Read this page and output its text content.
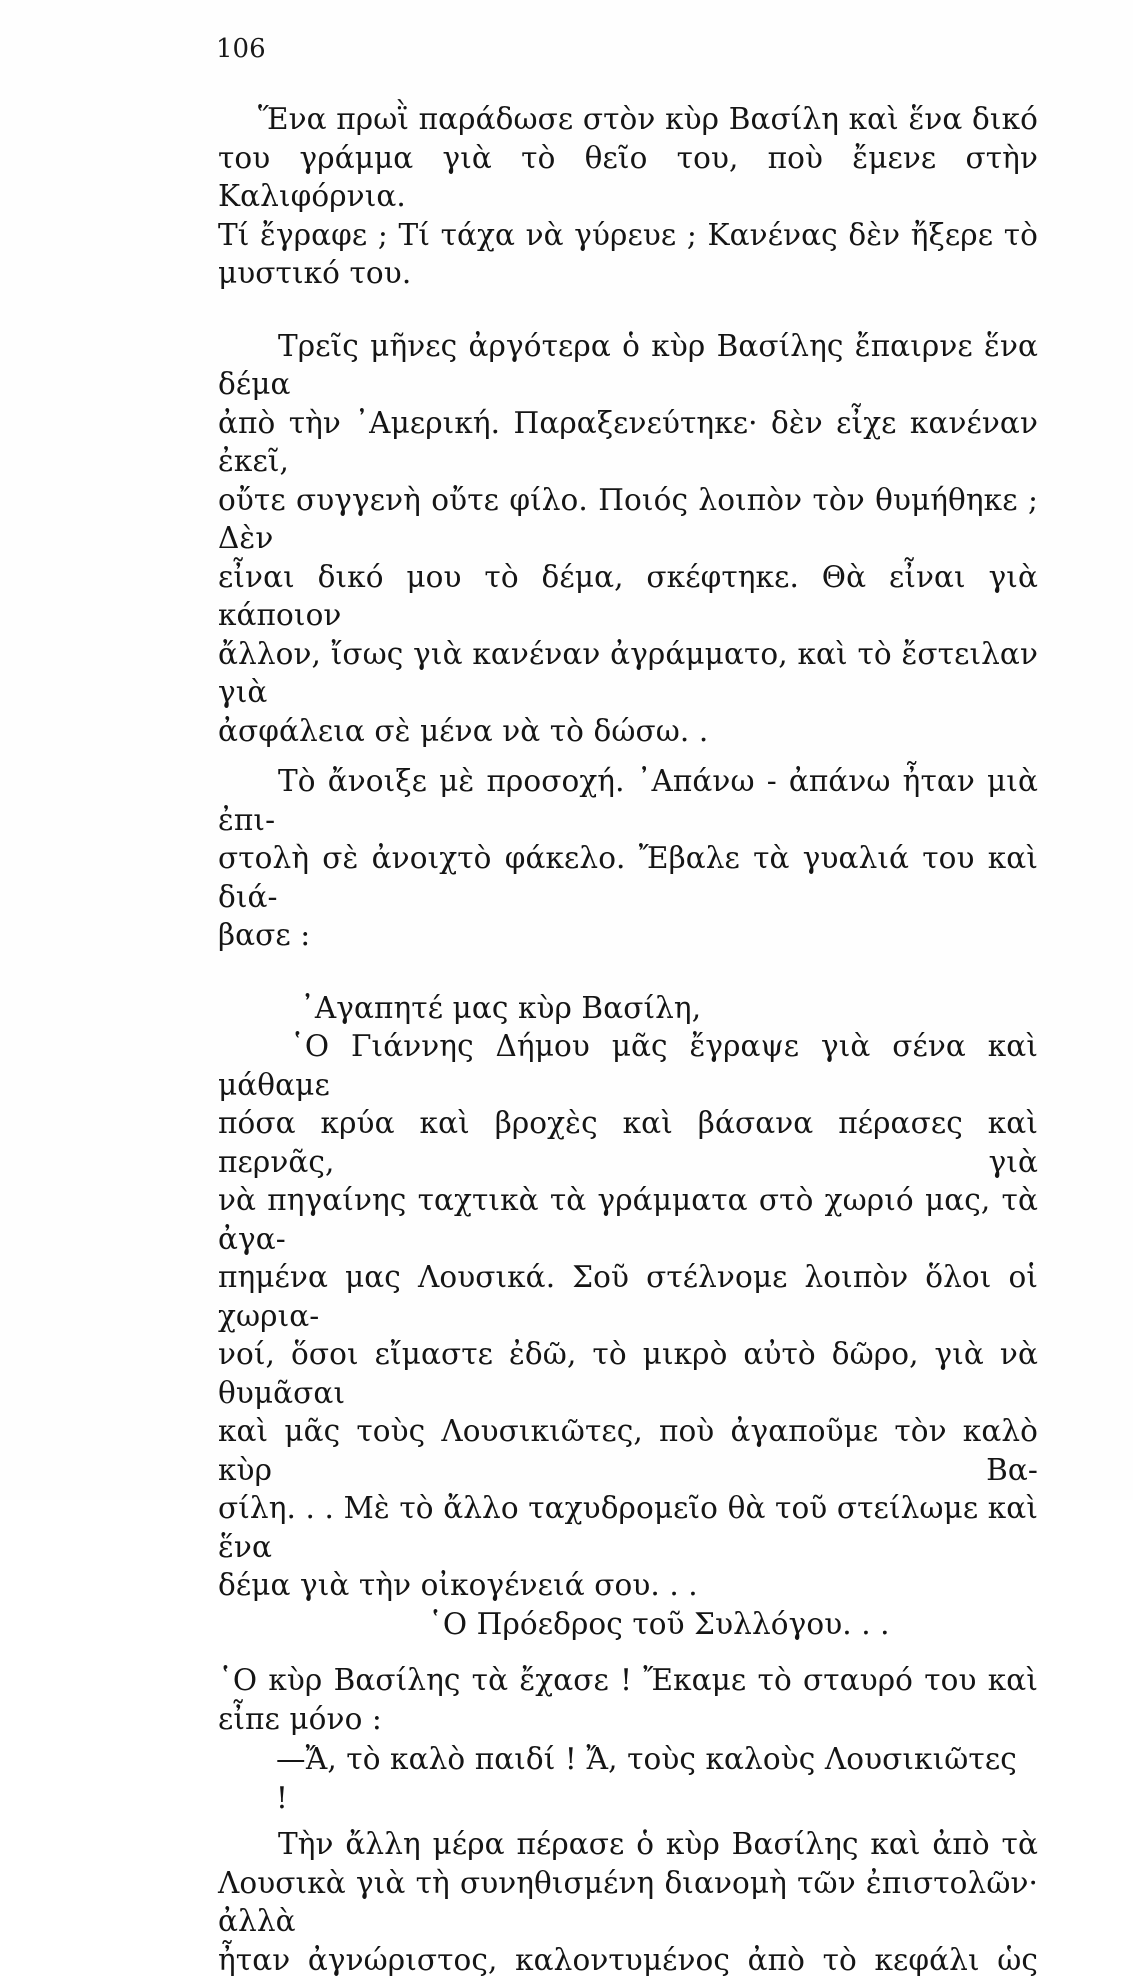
106

Ἕνα πρωῒ παράδωσε στὸν κὺρ Βασίλη καὶ ἕνα δικό
του γράμμα γιὰ τὸ θεῖο του, ποὺ ἔμενε στὴν Καλιφόρνια.
Τί ἔγραφε ; Τί τάχα νὰ γύρευε ; Κανένας δὲν ἤξερε τὸ
μυστικό του.

Τρεῖς μῆνες ἀργότερα ὁ κὺρ Βασίλης ἔπαιρνε ἕνα δέμα
ἀπὸ τὴν ᾿Αμερική. Παραξενεύτηκε· δὲν εἶχε κανέναν ἐκεῖ,
οὔτε συγγενὴ οὔτε φίλο. Ποιός λοιπὸν τὸν θυμήθηκε ; Δὲν
εἶναι δικό μου τὸ δέμα, σκέφτηκε. Θὰ εἶναι γιὰ κάποιον
ἄλλον, ἴσως γιὰ κανέναν ἀγράμματο, καὶ τὸ ἔστειλαν γιὰ
ἀσφάλεια σὲ μένα νὰ τὸ δώσω. .

Τὸ ἄνοιξε μὲ προσοχή. ᾿Απάνω - ἀπάνω ἦταν μιὰ ἐπι-
στολὴ σὲ ἀνοιχτὸ φάκελο. Ἔβαλε τὰ γυαλιά του καὶ διά-
βασε :

᾿Αγαπητέ μας κὺρ Βασίλη,

῾Ο Γιάννης Δήμου μᾶς ἔγραψε γιὰ σένα καὶ μάθαμε
πόσα κρύα καὶ βροχὲς καὶ βάσανα πέρασες καὶ περνᾶς, γιὰ
νὰ πηγαίνης ταχτικὰ τὰ γράμματα στὸ χωριό μας, τὰ ἀγα-
πημένα μας Λουσικά. Σοῦ στέλνομε λοιπὸν ὅλοι οἱ χωρια-
νοί, ὅσοι εἴμαστε ἐδῶ, τὸ μικρὸ αὐτὸ δῶρο, γιὰ νὰ θυμᾶσαι
καὶ μᾶς τοὺς Λουσικιῶτες, ποὺ ἀγαποῦμε τὸν καλὸ κὺρ Βα-
σίλη. . . Μὲ τὸ ἄλλο ταχυδρομεῖο θὰ τοῦ στείλωμε καὶ ἕνα
δέμα γιὰ τὴν οἰκογένειά σου. . .

῾Ο Πρόεδρος τοῦ Συλλόγου. . .

῾Ο κὺρ Βασίλης τὰ ἔχασε ! Ἔκαμε τὸ σταυρό του καὶ
εἶπε μόνο :

—Ἄ, τὸ καλὸ παιδί ! Ἄ, τοὺς καλοὺς Λουσικιῶτες !

Τὴν ἄλλη μέρα πέρασε ὁ κὺρ Βασίλης καὶ ἀπὸ τὰ
Λουσικὰ γιὰ τὴ συνηθισμένη διανομὴ τῶν ἐπιστολῶν· ἀλλὰ
ἦταν ἀγνώριστος, καλοντυμένος ἀπὸ τὸ κεφάλι ὡς
